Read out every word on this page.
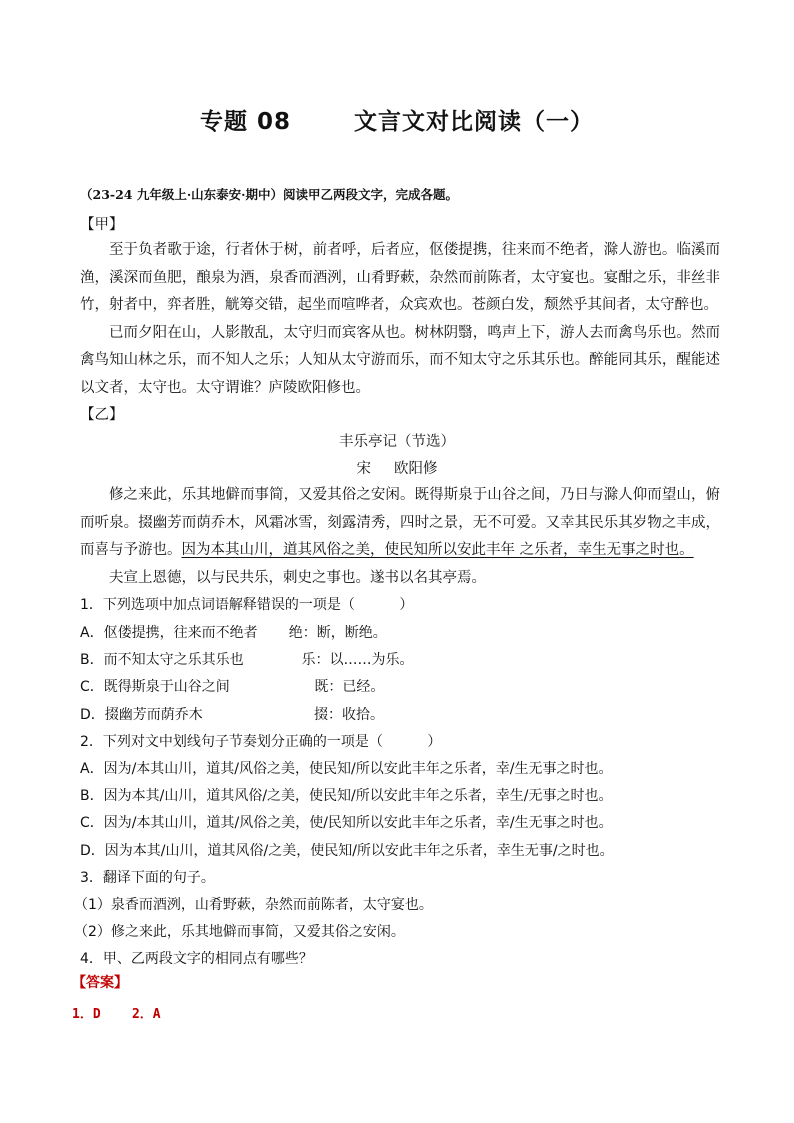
专题 08       文言文对比阅读（一）
（23-24 九年级上·山东泰安·期中）阅读甲乙两段文字，完成各题。
【甲】

至于负者歌于途，行者休于树，前者呼，后者应，伛偻提携，往来而不绝者，滁人游也。临溪而渔，溪深而鱼肥，酿泉为酒，泉香而酒洌，山肴野蔌，杂然而前陈者，太守宴也。宴酣之乐，非丝非竹，射者中，弈者胜，觥筹交错，起坐而喧哗者，众宾欢也。苍颜白发，颓然乎其间者，太守醉也。

已而夕阳在山，人影散乱，太守归而宾客从也。树林阴翳，鸣声上下，游人去而禽鸟乐也。然而禽鸟知山林之乐，而不知人之乐；人知从太守游而乐，而不知太守之乐其乐也。醉能同其乐，醒能述以文者，太守也。太守谓谁？庐陵欧阳修也。

【乙】
丰乐亭记（节选）
宋     欧阳修

修之来此，乐其地僻而事简，又爱其俗之安闲。既得斯泉于山谷之间，乃日与滁人仰而望山，俯而听泉。掇幽芳而荫乔木，风霜冰雪，刻露清秀，四时之景，无不可爱。又幸其民乐其岁物之丰成，而喜与予游也。因为本其山川，道其风俗之美，使民知所以安此丰年 之乐者，幸生无事之时也。

夫宣上恩德，以与民共乐，刺史之事也。遂书以名其亭焉。

1．下列选项中加点词语解释错误的一项是（          ）
A．伛偻提携，往来而不绝者       绝：断，断绝。
B．而不知太守之乐其乐也             乐：以……为乐。
C．既得斯泉于山谷之间                   既：已经。
D．掇幽芳而荫乔木                         掇：收拾。
2．下列对文中划线句子节奏划分正确的一项是（          ）
A．因为/本其山川，道其/风俗之美，使民知/所以安此丰年之乐者，幸/生无事之时也。
B．因为本其/山川，道其风俗/之美，使民知/所以安此丰年之乐者，幸生/无事之时也。
C．因为/本其山川，道其/风俗之美，使/民知所以安此丰年之乐者，幸/生无事之时也。
D．因为本其/山川，道其风俗/之美，使民知/所以安此丰年之乐者，幸生无事/之时也。
3．翻译下面的句子。
（1）泉香而酒洌，山肴野蔌，杂然而前陈者，太守宴也。
（2）修之来此，乐其地僻而事简，又爱其俗之安闲。
4．甲、乙两段文字的相同点有哪些？
【答案】
1．D    2．A
